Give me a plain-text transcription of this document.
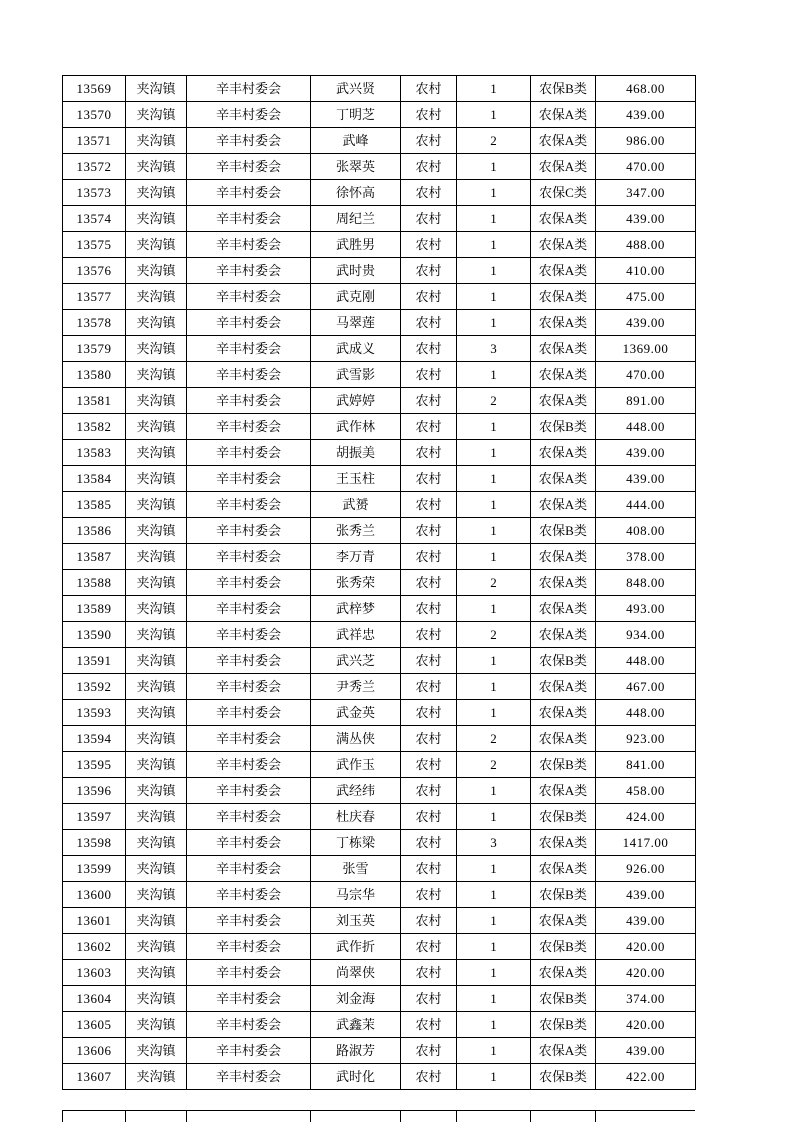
13569	夹沟镇	辛丰村委会	武兴贤	农村	1	农保B类	468.00
13570	夹沟镇	辛丰村委会	丁明芝	农村	1	农保A类	439.00
13571	夹沟镇	辛丰村委会	武峰	农村	2	农保A类	986.00
13572	夹沟镇	辛丰村委会	张翠英	农村	1	农保A类	470.00
13573	夹沟镇	辛丰村委会	徐怀高	农村	1	农保C类	347.00
13574	夹沟镇	辛丰村委会	周纪兰	农村	1	农保A类	439.00
13575	夹沟镇	辛丰村委会	武胜男	农村	1	农保A类	488.00
13576	夹沟镇	辛丰村委会	武时贵	农村	1	农保A类	410.00
13577	夹沟镇	辛丰村委会	武克刚	农村	1	农保A类	475.00
13578	夹沟镇	辛丰村委会	马翠莲	农村	1	农保A类	439.00
13579	夹沟镇	辛丰村委会	武成义	农村	3	农保A类	1369.00
13580	夹沟镇	辛丰村委会	武雪影	农村	1	农保A类	470.00
13581	夹沟镇	辛丰村委会	武婷婷	农村	2	农保A类	891.00
13582	夹沟镇	辛丰村委会	武作林	农村	1	农保B类	448.00
13583	夹沟镇	辛丰村委会	胡振美	农村	1	农保A类	439.00
13584	夹沟镇	辛丰村委会	王玉柱	农村	1	农保A类	439.00
13585	夹沟镇	辛丰村委会	武赟	农村	1	农保A类	444.00
13586	夹沟镇	辛丰村委会	张秀兰	农村	1	农保B类	408.00
13587	夹沟镇	辛丰村委会	李万青	农村	1	农保A类	378.00
13588	夹沟镇	辛丰村委会	张秀荣	农村	2	农保A类	848.00
13589	夹沟镇	辛丰村委会	武梓梦	农村	1	农保A类	493.00
13590	夹沟镇	辛丰村委会	武祥忠	农村	2	农保A类	934.00
13591	夹沟镇	辛丰村委会	武兴芝	农村	1	农保B类	448.00
13592	夹沟镇	辛丰村委会	尹秀兰	农村	1	农保A类	467.00
13593	夹沟镇	辛丰村委会	武金英	农村	1	农保A类	448.00
13594	夹沟镇	辛丰村委会	满丛侠	农村	2	农保A类	923.00
13595	夹沟镇	辛丰村委会	武作玉	农村	2	农保B类	841.00
13596	夹沟镇	辛丰村委会	武经纬	农村	1	农保A类	458.00
13597	夹沟镇	辛丰村委会	杜庆春	农村	1	农保B类	424.00
13598	夹沟镇	辛丰村委会	丁栋梁	农村	3	农保A类	1417.00
13599	夹沟镇	辛丰村委会	张雪	农村	1	农保A类	926.00
13600	夹沟镇	辛丰村委会	马宗华	农村	1	农保B类	439.00
13601	夹沟镇	辛丰村委会	刘玉英	农村	1	农保A类	439.00
13602	夹沟镇	辛丰村委会	武作折	农村	1	农保B类	420.00
13603	夹沟镇	辛丰村委会	尚翠侠	农村	1	农保A类	420.00
13604	夹沟镇	辛丰村委会	刘金海	农村	1	农保B类	374.00
13605	夹沟镇	辛丰村委会	武鑫茉	农村	1	农保B类	420.00
13606	夹沟镇	辛丰村委会	路淑芳	农村	1	农保A类	439.00
13607	夹沟镇	辛丰村委会	武时化	农村	1	农保B类	422.00
